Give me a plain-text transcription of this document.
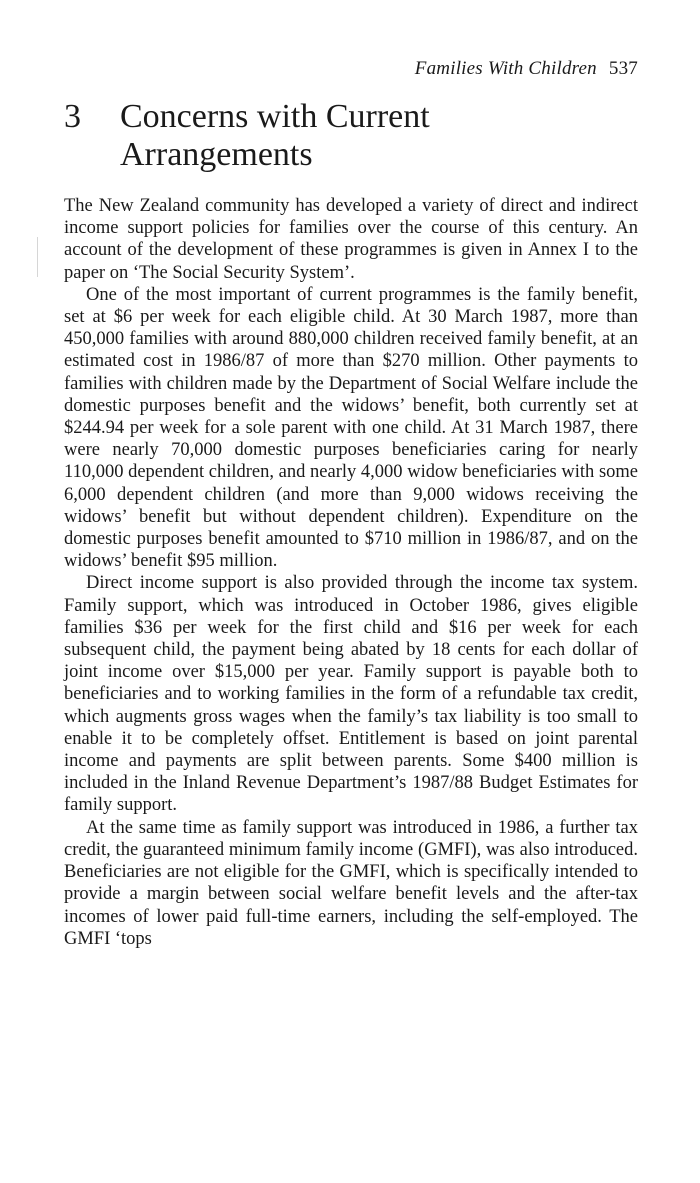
Families With Children 537
3 Concerns with Current Arrangements

The New Zealand community has developed a variety of direct and indirect income support policies for families over the course of this century. An account of the development of these programmes is given in Annex I to the paper on ‘The Social Security System’.

One of the most important of current programmes is the family benefit, set at $6 per week for each eligible child. At 30 March 1987, more than 450,000 families with around 880,000 children received family benefit, at an estimated cost in 1986/87 of more than $270 million. Other payments to families with children made by the Department of Social Welfare include the domestic purposes benefit and the widows’ benefit, both currently set at $244.94 per week for a sole parent with one child. At 31 March 1987, there were nearly 70,000 domestic purposes beneficiaries caring for nearly 110,000 dependent children, and nearly 4,000 widow beneficiaries with some 6,000 dependent children (and more than 9,000 widows receiving the widows’ benefit but without dependent children). Expenditure on the domestic purposes benefit amounted to $710 million in 1986/87, and on the widows’ benefit $95 million.

Direct income support is also provided through the income tax system. Family support, which was introduced in October 1986, gives eligible families $36 per week for the first child and $16 per week for each subsequent child, the payment being abated by 18 cents for each dollar of joint income over $15,000 per year. Family support is payable both to beneficiaries and to working families in the form of a refundable tax credit, which augments gross wages when the family’s tax liability is too small to enable it to be completely offset. Entitlement is based on joint parental income and payments are split between parents. Some $400 million is included in the Inland Revenue Department’s 1987/88 Budget Estimates for family support.

At the same time as family support was introduced in 1986, a further tax credit, the guaranteed minimum family income (GMFI), was also introduced. Beneficiaries are not eligible for the GMFI, which is specifically intended to provide a margin between social welfare benefit levels and the after-tax incomes of lower paid full-time earners, including the self-employed. The GMFI ‘tops
